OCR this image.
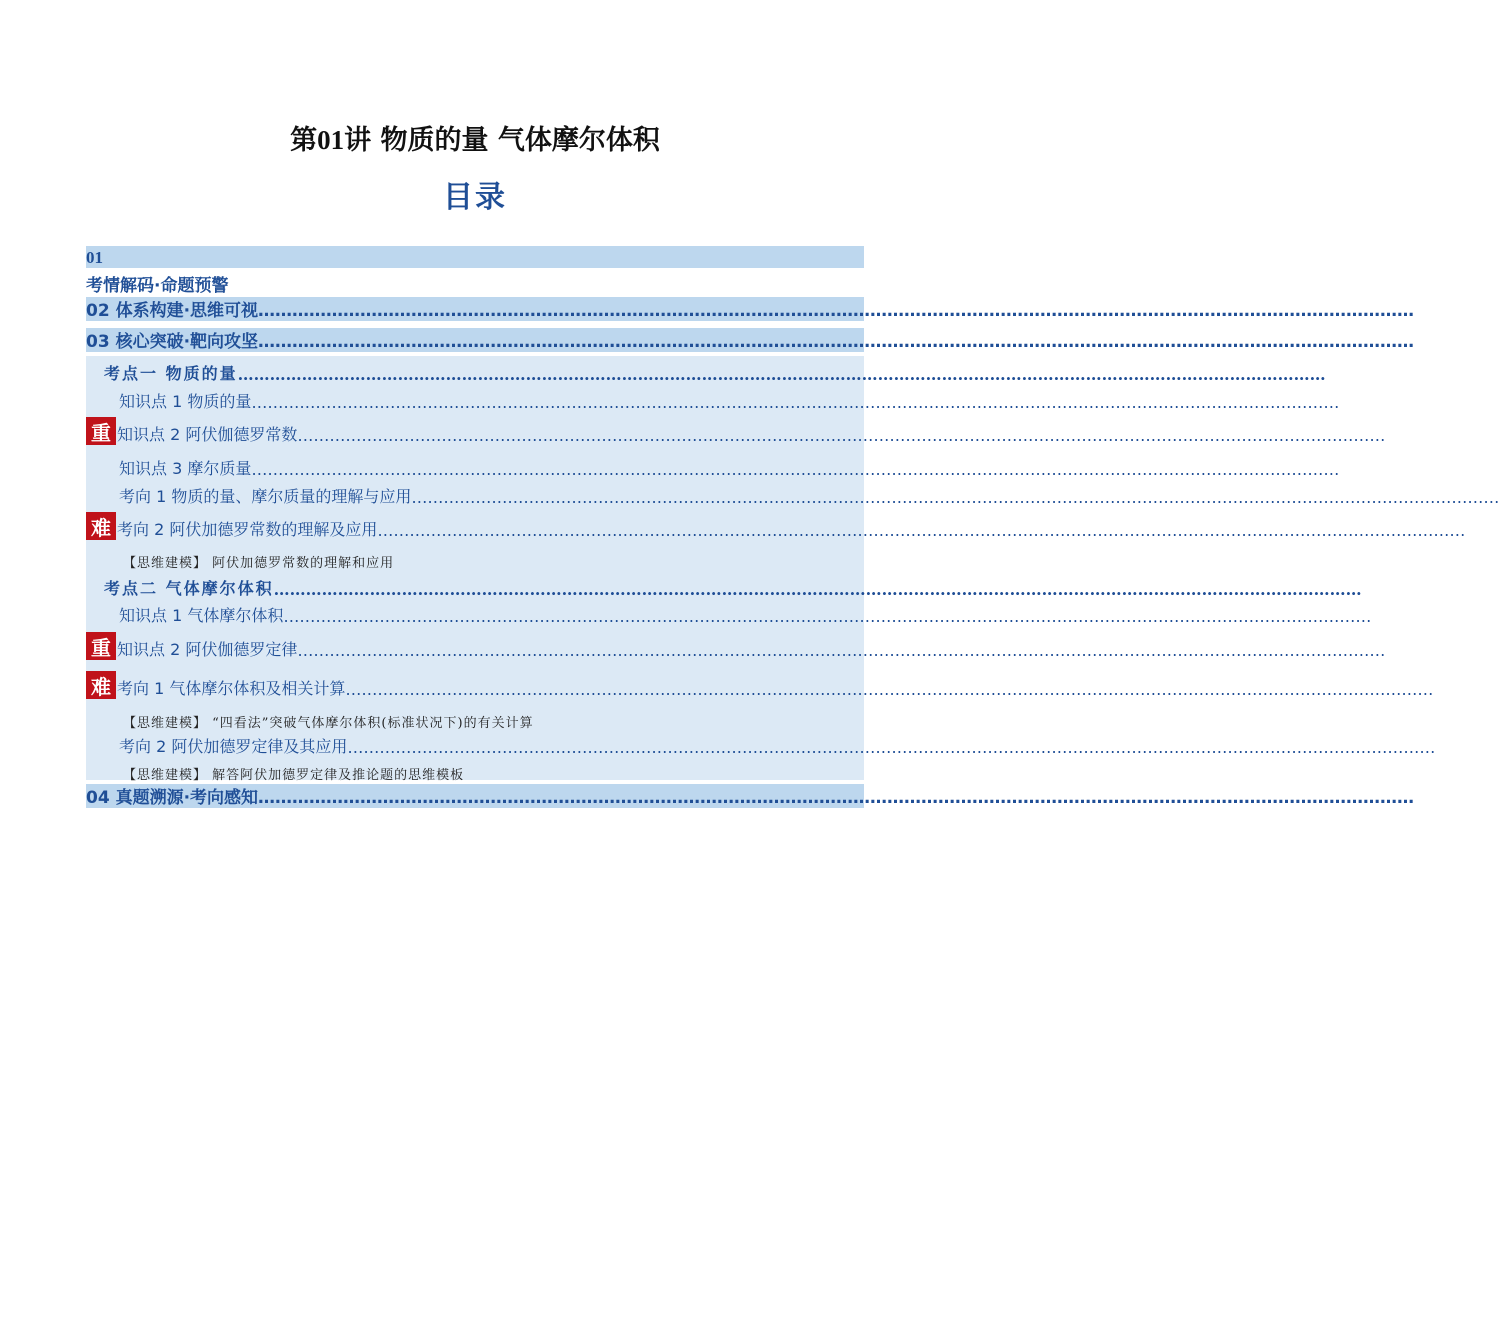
第01讲 物质的量 气体摩尔体积
目录
01
考情解码·命题预警
02 体系构建·思维可视 ……………………………………………………………………………………………………………………………………………………………………………………
03 核心突破·靶向攻坚 ……………………………………………………………………………………………………………………………………………………………………………………
考点一 物质的量 ……………………………………………………………………………………………………………………………………………………………………………………
知识点 1 物质的量 ……………………………………………………………………………………………………………………………………………………………………………………
重 知识点 2 阿伏伽德罗常数 ……………………………………………………………………………………………………………………………………………………………………………………
知识点 3 摩尔质量 ……………………………………………………………………………………………………………………………………………………………………………………
考向 1 物质的量、摩尔质量的理解与应用 ……………………………………………………………………………………………………………………………………………………………………………………
难 考向 2 阿伏加德罗常数的理解及应用 ……………………………………………………………………………………………………………………………………………………………………………………
【思维建模】 阿伏加德罗常数的理解和应用
考点二 气体摩尔体积 ……………………………………………………………………………………………………………………………………………………………………………………
知识点 1 气体摩尔体积 ……………………………………………………………………………………………………………………………………………………………………………………
重 知识点 2 阿伏伽德罗定律 ……………………………………………………………………………………………………………………………………………………………………………………
难 考向 1 气体摩尔体积及相关计算 ……………………………………………………………………………………………………………………………………………………………………………………
【思维建模】 “四看法”突破气体摩尔体积(标准状况下)的有关计算
考向 2 阿伏加德罗定律及其应用 ……………………………………………………………………………………………………………………………………………………………………………………
【思维建模】 解答阿伏加德罗定律及推论题的思维模板
04 真题溯源·考向感知 ……………………………………………………………………………………………………………………………………………………………………………………
